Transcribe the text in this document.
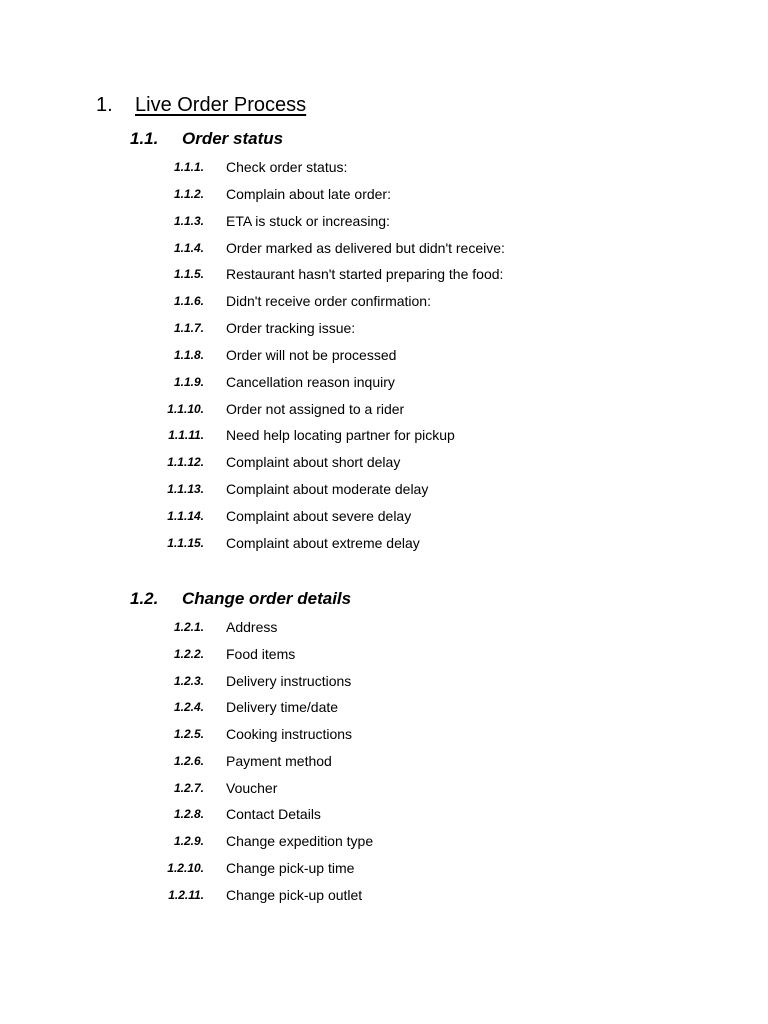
1. Live Order Process
1.1. Order status
1.1.1. Check order status:
1.1.2. Complain about late order:
1.1.3. ETA is stuck or increasing:
1.1.4. Order marked as delivered but didn't receive:
1.1.5. Restaurant hasn't started preparing the food:
1.1.6. Didn't receive order confirmation:
1.1.7. Order tracking issue:
1.1.8. Order will not be processed
1.1.9. Cancellation reason inquiry
1.1.10. Order not assigned to a rider
1.1.11. Need help locating partner for pickup
1.1.12. Complaint about short delay
1.1.13. Complaint about moderate delay
1.1.14. Complaint about severe delay
1.1.15. Complaint about extreme delay
1.2. Change order details
1.2.1. Address
1.2.2. Food items
1.2.3. Delivery instructions
1.2.4. Delivery time/date
1.2.5. Cooking instructions
1.2.6. Payment method
1.2.7. Voucher
1.2.8. Contact Details
1.2.9. Change expedition type
1.2.10. Change pick-up time
1.2.11. Change pick-up outlet
